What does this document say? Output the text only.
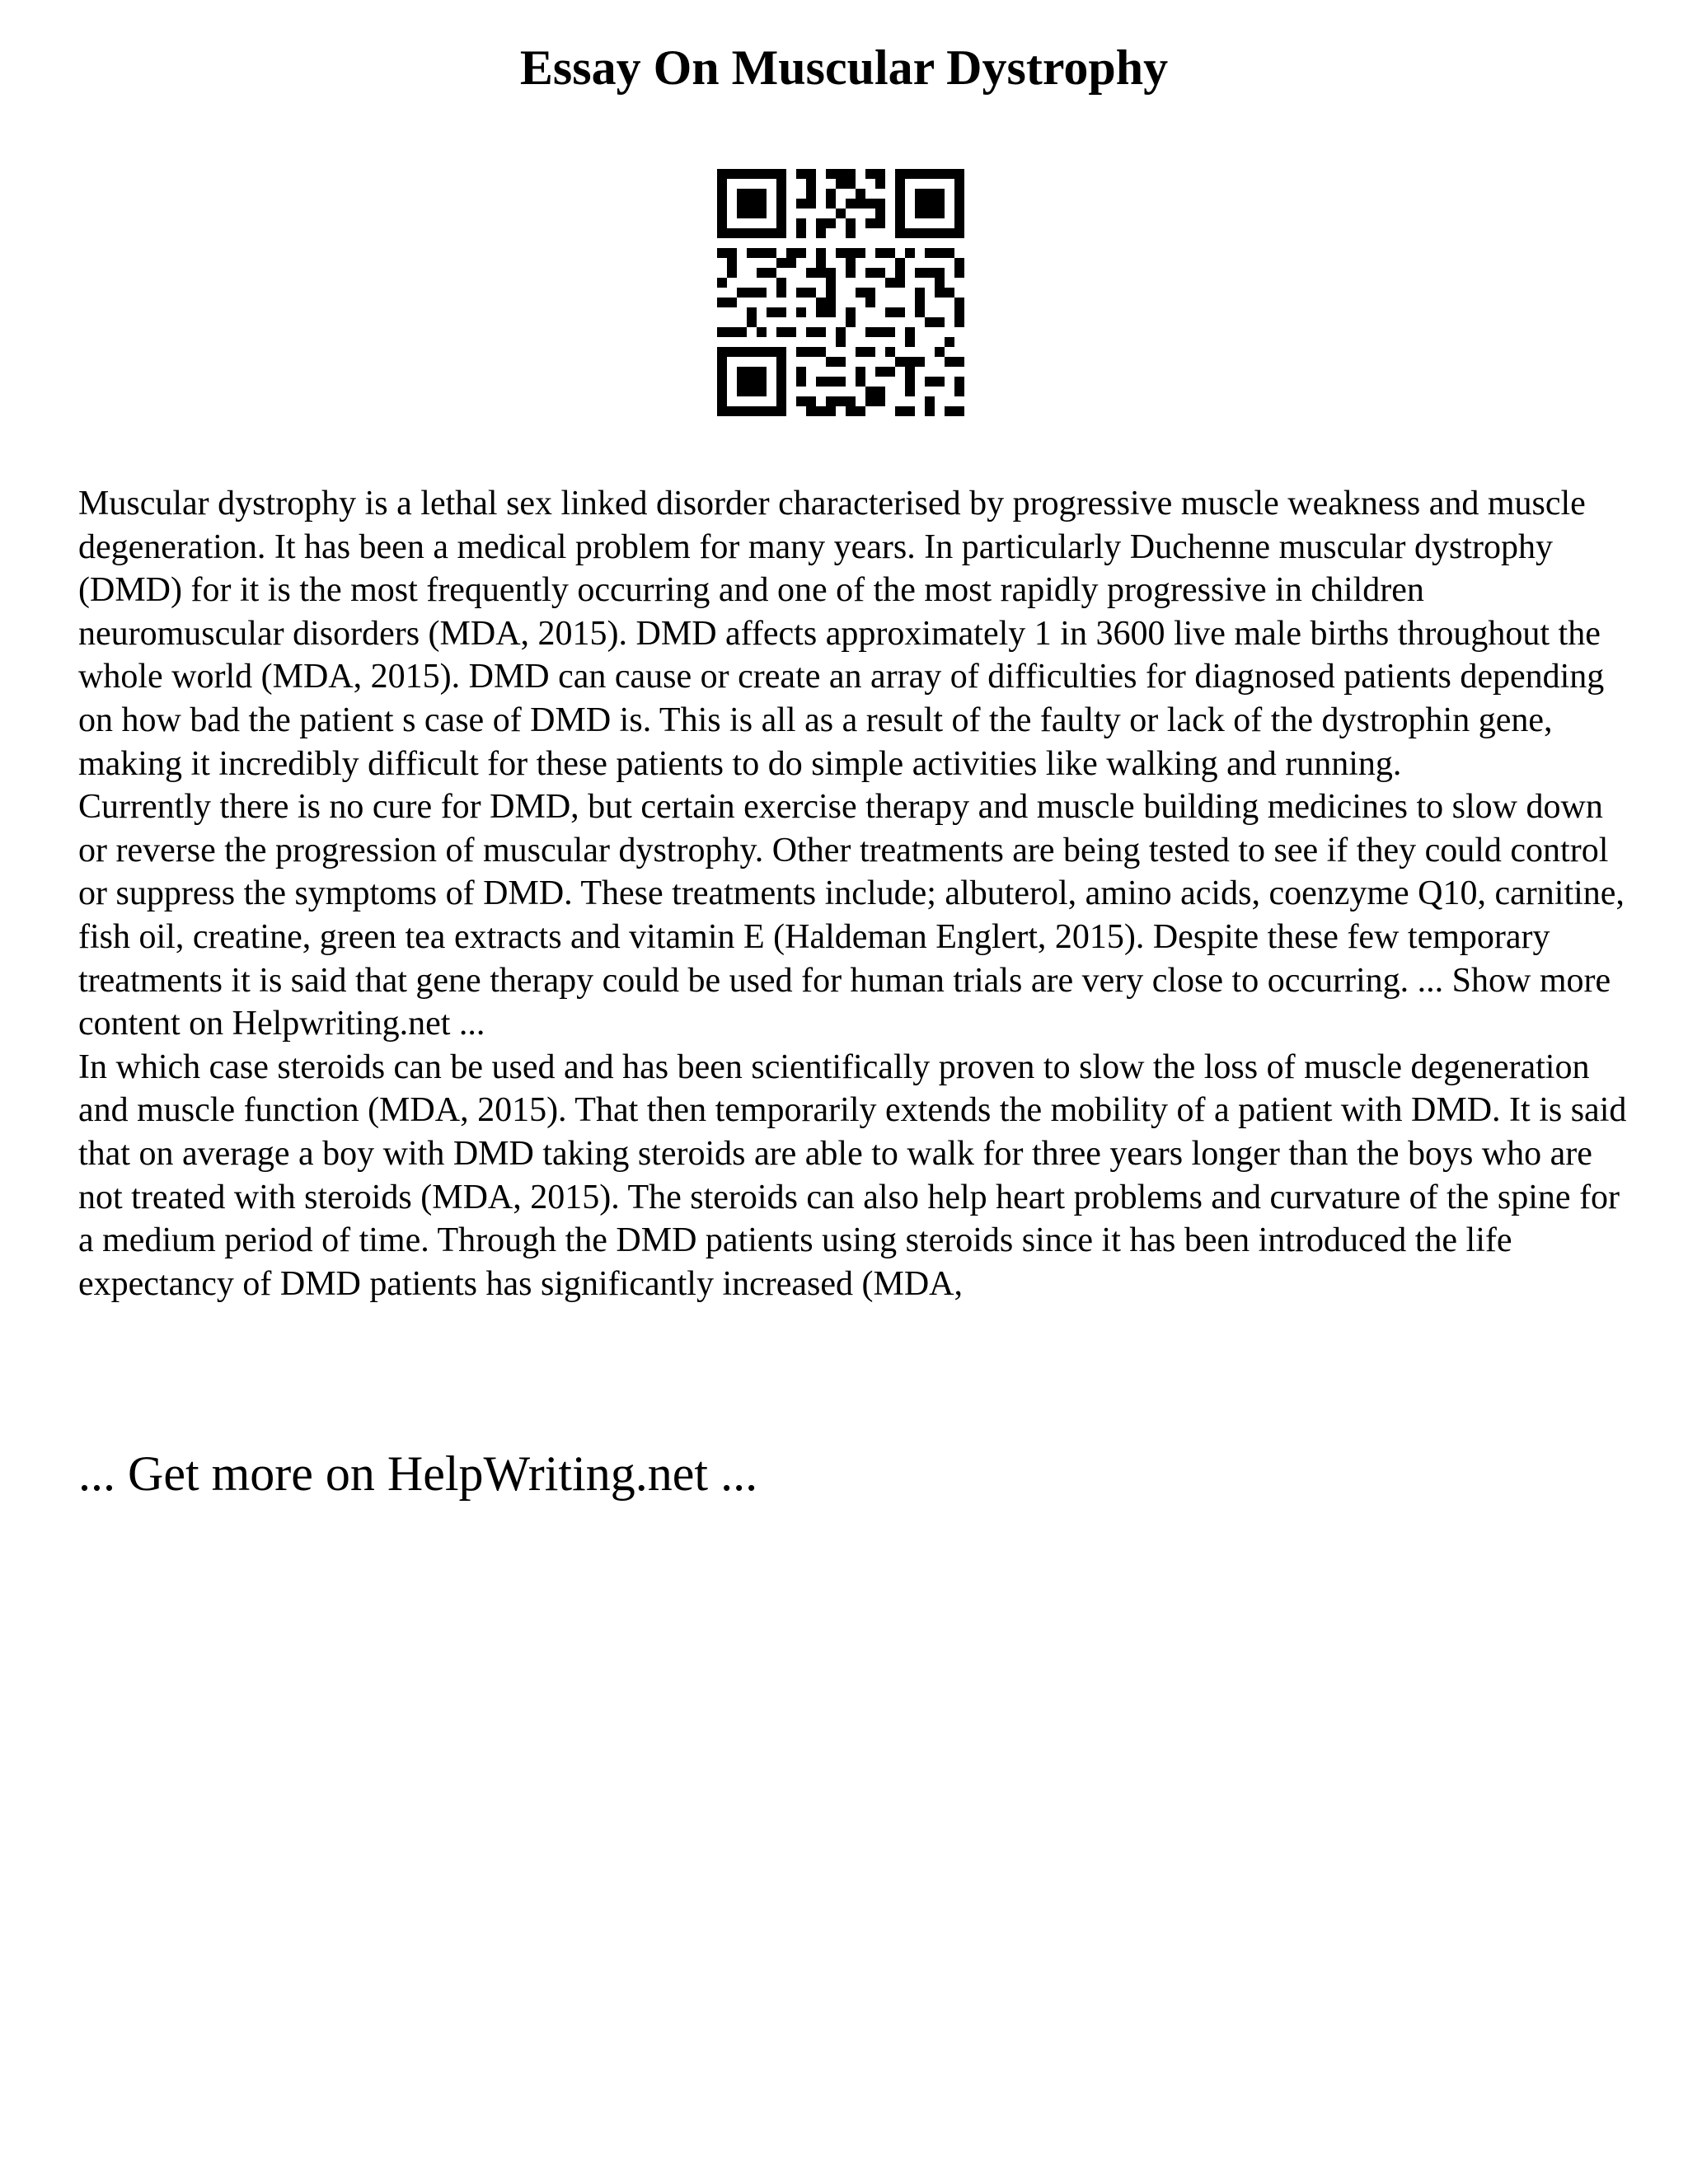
Essay On Muscular Dystrophy

Muscular dystrophy is a lethal sex linked disorder characterised by progressive muscle weakness and muscle degeneration. It has been a medical problem for many years. In particularly Duchenne muscular dystrophy (DMD) for it is the most frequently occurring and one of the most rapidly progressive in children neuromuscular disorders (MDA, 2015). DMD affects approximately 1 in 3600 live male births throughout the whole world (MDA, 2015). DMD can cause or create an array of difficulties for diagnosed patients depending on how bad the patient s case of DMD is. This is all as a result of the faulty or lack of the dystrophin gene, making it incredibly difficult for these patients to do simple activities like walking and running.

Currently there is no cure for DMD, but certain exercise therapy and muscle building medicines to slow down or reverse the progression of muscular dystrophy. Other treatments are being tested to see if they could control or suppress the symptoms of DMD. These treatments include; albuterol, amino acids, coenzyme Q10, carnitine, fish oil, creatine, green tea extracts and vitamin E (Haldeman Englert, 2015). Despite these few temporary treatments it is said that gene therapy could be used for human trials are very close to occurring. ... Show more content on Helpwriting.net ...

In which case steroids can be used and has been scientifically proven to slow the loss of muscle degeneration and muscle function (MDA, 2015). That then temporarily extends the mobility of a patient with DMD. It is said that on average a boy with DMD taking steroids are able to walk for three years longer than the boys who are not treated with steroids (MDA, 2015). The steroids can also help heart problems and curvature of the spine for a medium period of time. Through the DMD patients using steroids since it has been introduced the life expectancy of DMD patients has significantly increased (MDA,

... Get more on HelpWriting.net ...
